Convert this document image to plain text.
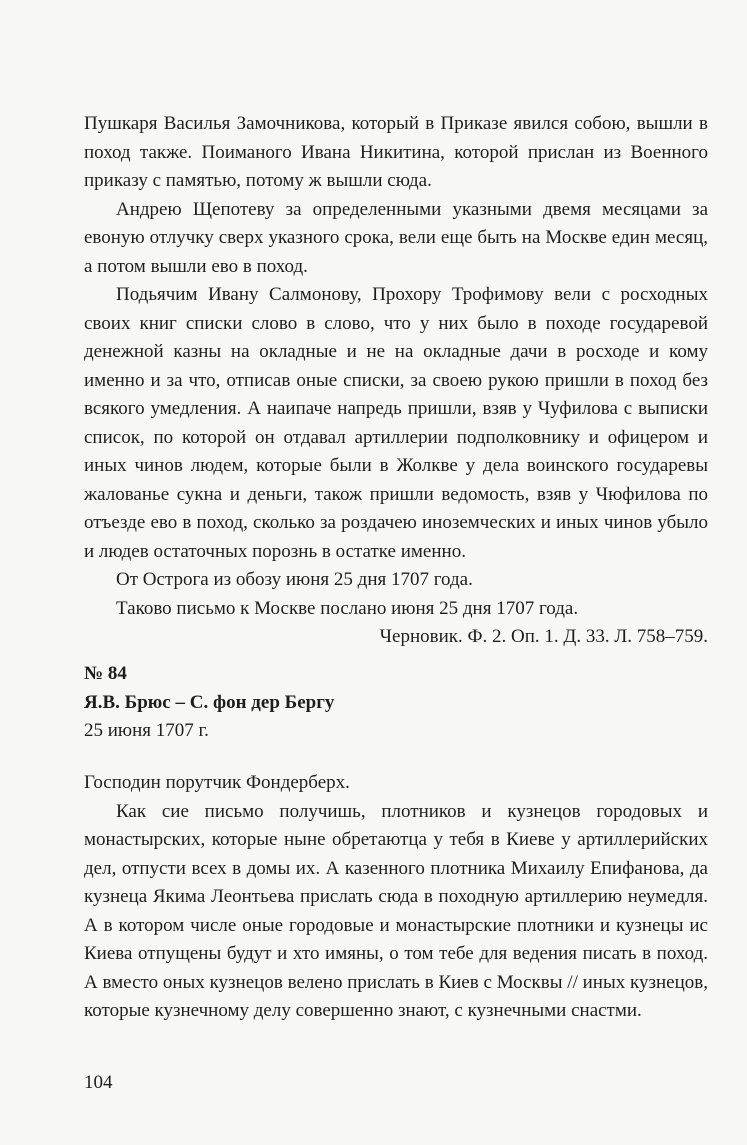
Пушкаря Василья Замочникова, который в Приказе явился собою, вышли в поход также. Поиманого Ивана Никитина, которой прислан из Военного приказу с памятью, потому ж вышли сюда.

Андрею Щепотеву за определенными указными двемя месяцами за евоную отлучку сверх указного срока, вели еще быть на Москве един месяц, а потом вышли ево в поход.

Подьячим Ивану Салмонову, Прохору Трофимову вели с росходных своих книг списки слово в слово, что у них было в походе государевой денежной казны на окладные и не на окладные дачи в росходе и кому именно и за что, отписав оные списки, за своею рукою пришли в поход без всякого умедления. А наипаче напредь пришли, взяв у Чуфилова с выписки список, по которой он отдавал артиллерии подполковнику и офицером и иных чинов людем, которые были в Жолкве у дела воинского государевы жалованье сукна и деньги, також пришли ведомость, взяв у Чюфилова по отъезде ево в поход, сколько за роздачею иноземческих и иных чинов убыло и людев остаточных порознь в остатке именно.

От Острога из обозу июня 25 дня 1707 года.

Таково письмо к Москве послано июня 25 дня 1707 года.

Черновик. Ф. 2. Оп. 1. Д. 33. Л. 758–759.

№ 84

Я.В. Брюс – С. фон дер Бергу

25 июня 1707 г.

Господин порутчик Фондерберх.

Как сие письмо получишь, плотников и кузнецов городовых и монастырских, которые ныне обретаютца у тебя в Киеве у артиллерийских дел, отпусти всех в домы их. А казенного плотника Михаилу Епифанова, да кузнеца Якима Леонтьева прислать сюда в походную артиллерию неумедля. А в котором числе оные городовые и монастырские плотники и кузнецы ис Киева отпущены будут и хто имяны, о том тебе для ведения писать в поход. А вместо оных кузнецов велено прислать в Киев с Москвы // иных кузнецов, которые кузнечному делу совершенно знают, с кузнечными снастми.

104
